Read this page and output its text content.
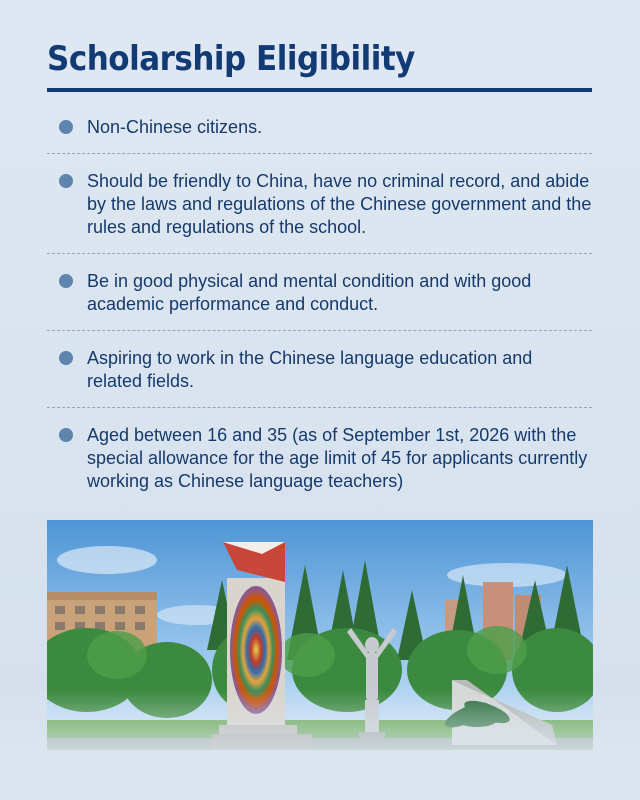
Scholarship Eligibility
Non-Chinese citizens.
Should be friendly to China, have no criminal record, and abide by the laws and regulations of the Chinese government and the rules and regulations of the school.
Be in good physical and mental condition and with good academic performance and conduct.
Aspiring to work in the Chinese language education and related fields.
Aged between 16 and 35 (as of September 1st, 2026 with the special allowance for the age limit of 45 for applicants currently working as Chinese language teachers)
